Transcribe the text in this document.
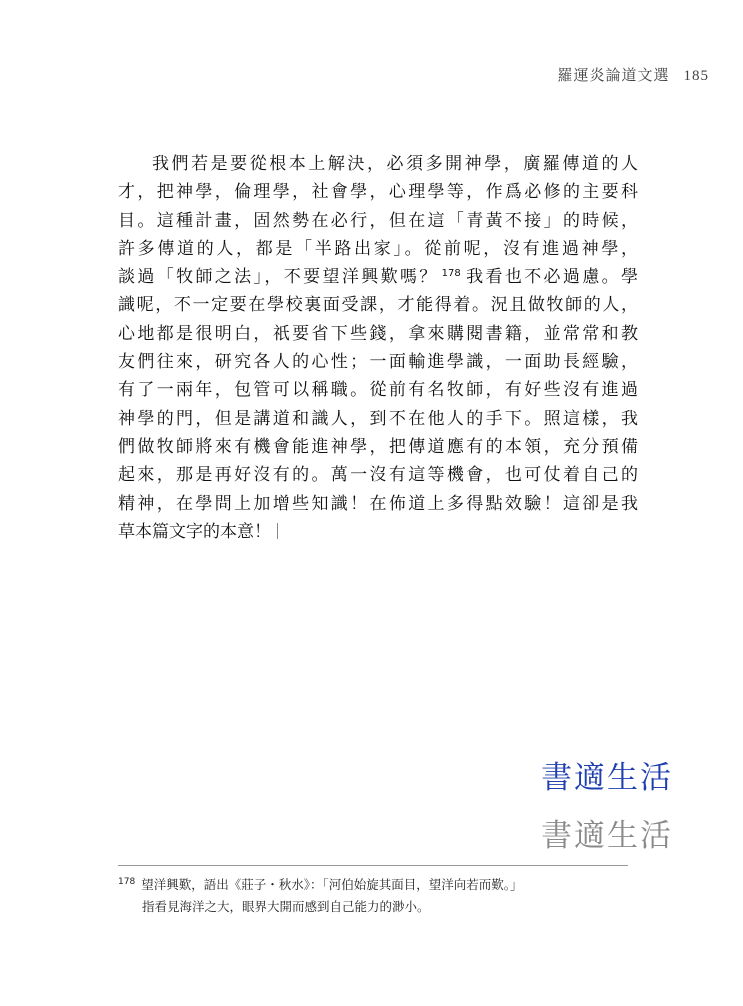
羅運炎論道文選 185
我們若是要從根本上解決，必須多開神學，廣羅傳道的人
才，把神學，倫理學，社會學，心理學等，作爲必修的主要科
目。這種計畫，固然勢在必行，但在這「青黃不接」的時候，
許多傳道的人，都是「半路出家」。從前呢，沒有進過神學，
談過「牧師之法」，不要望洋興歎嗎？ $^{178}$ 我看也不必過慮。學
識呢，不一定要在學校裏面受課，才能得着。況且做牧師的人，
心地都是很明白，祇要省下些錢，拿來購閱書籍，並常常和教
友們往來，研究各人的心性；一面輸進學識，一面助長經驗，
有了一兩年，包管可以稱職。從前有名牧師，有好些沒有進過
神學的門，但是講道和識人，到不在他人的手下。照這樣，我
們做牧師將來有機會能進神學，把傳道應有的本領，充分預備
起來，那是再好沒有的。萬一沒有這等機會，也可仗着自己的
精神，在學問上加增些知識！在佈道上多得點效驗！這卻是我
草本篇文字的本意！
書適生活
書適生活
$^{178}$ 望洋興歎，語出《莊子・秋水》：「河伯始旋其面目，望洋向若而歎。」
指看見海洋之大，眼界大開而感到自己能力的渺小。
